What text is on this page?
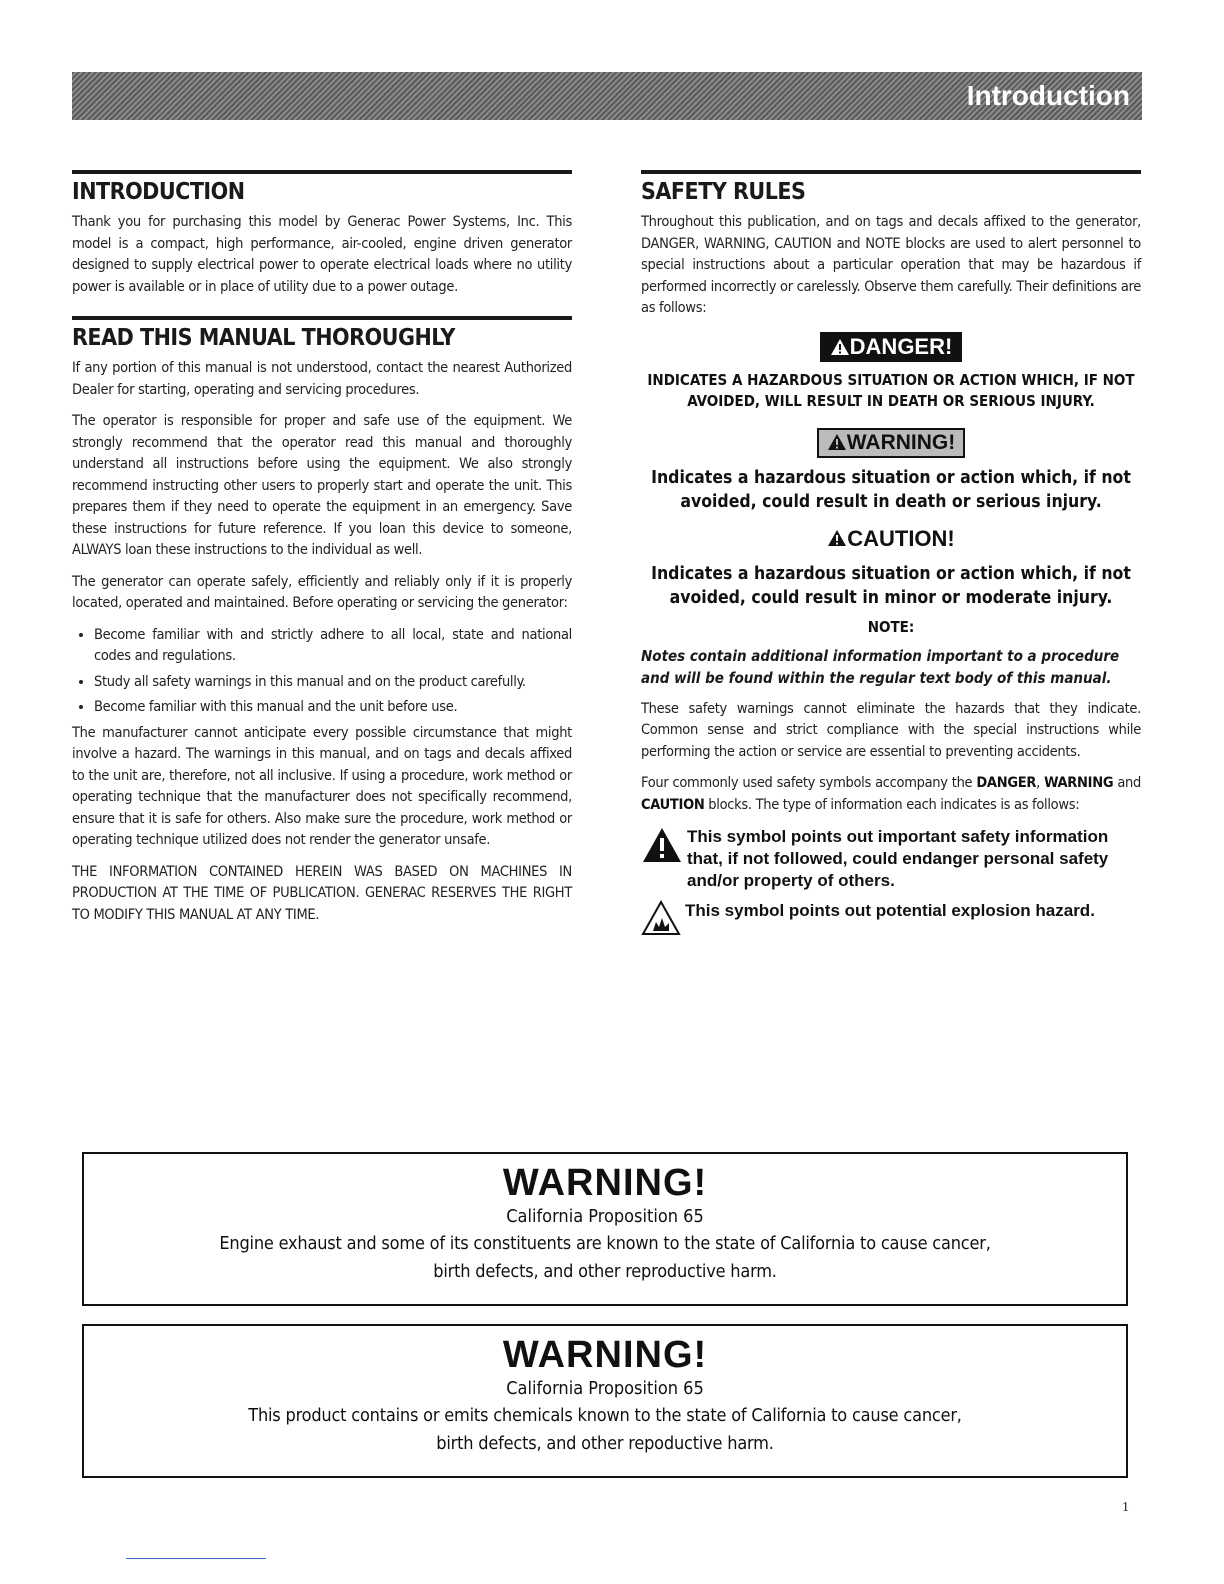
Introduction
INTRODUCTION

Thank you for purchasing this model by Generac Power Systems, Inc. This model is a compact, high performance, air-cooled, engine driven generator designed to supply electrical power to operate electrical loads where no utility power is available or in place of utility due to a power outage.

READ THIS MANUAL THOROUGHLY

If any portion of this manual is not understood, contact the nearest Authorized Dealer for starting, operating and servicing procedures.

The operator is responsible for proper and safe use of the equipment. We strongly recommend that the operator read this manual and thoroughly understand all instructions before using the equipment. We also strongly recommend instructing other users to properly start and operate the unit. This prepares them if they need to operate the equipment in an emergency. Save these instructions for future reference. If you loan this device to someone, ALWAYS loan these instructions to the individual as well.

The generator can operate safely, efficiently and reliably only if it is properly located, operated and maintained. Before operating or servicing the generator:

• Become familiar with and strictly adhere to all local, state and national codes and regulations.
• Study all safety warnings in this manual and on the product carefully.
• Become familiar with this manual and the unit before use.

The manufacturer cannot anticipate every possible circumstance that might involve a hazard. The warnings in this manual, and on tags and decals affixed to the unit are, therefore, not all inclusive. If using a procedure, work method or operating technique that the manufacturer does not specifically recommend, ensure that it is safe for others. Also make sure the procedure, work method or operating technique utilized does not render the generator unsafe.

THE INFORMATION CONTAINED HEREIN WAS BASED ON MACHINES IN PRODUCTION AT THE TIME OF PUBLICATION. GENERAC RESERVES THE RIGHT TO MODIFY THIS MANUAL AT ANY TIME.

SAFETY RULES

Throughout this publication, and on tags and decals affixed to the generator, DANGER, WARNING, CAUTION and NOTE blocks are used to alert personnel to special instructions about a particular operation that may be hazardous if performed incorrectly or carelessly. Observe them carefully. Their definitions are as follows:

DANGER!
INDICATES A HAZARDOUS SITUATION OR ACTION WHICH, IF NOT AVOIDED, WILL RESULT IN DEATH OR SERIOUS INJURY.
WARNING!
Indicates a hazardous situation or action which, if not avoided, could result in death or serious injury.
CAUTION!
Indicates a hazardous situation or action which, if not avoided, could result in minor or moderate injury.
NOTE:
Notes contain additional information important to a procedure and will be found within the regular text body of this manual.

These safety warnings cannot eliminate the hazards that they indicate. Common sense and strict compliance with the special instructions while performing the action or service are essential to preventing accidents.

Four commonly used safety symbols accompany the DANGER, WARNING and CAUTION blocks. The type of information each indicates is as follows:

This symbol points out important safety information that, if not followed, could endanger personal safety and/or property of others.
This symbol points out potential explosion hazard.
WARNING!
California Proposition 65
Engine exhaust and some of its constituents are known to the state of California to cause cancer,
birth defects, and other reproductive harm.
WARNING!
California Proposition 65
This product contains or emits chemicals known to the state of California to cause cancer,
birth defects, and other repoductive harm.
1
